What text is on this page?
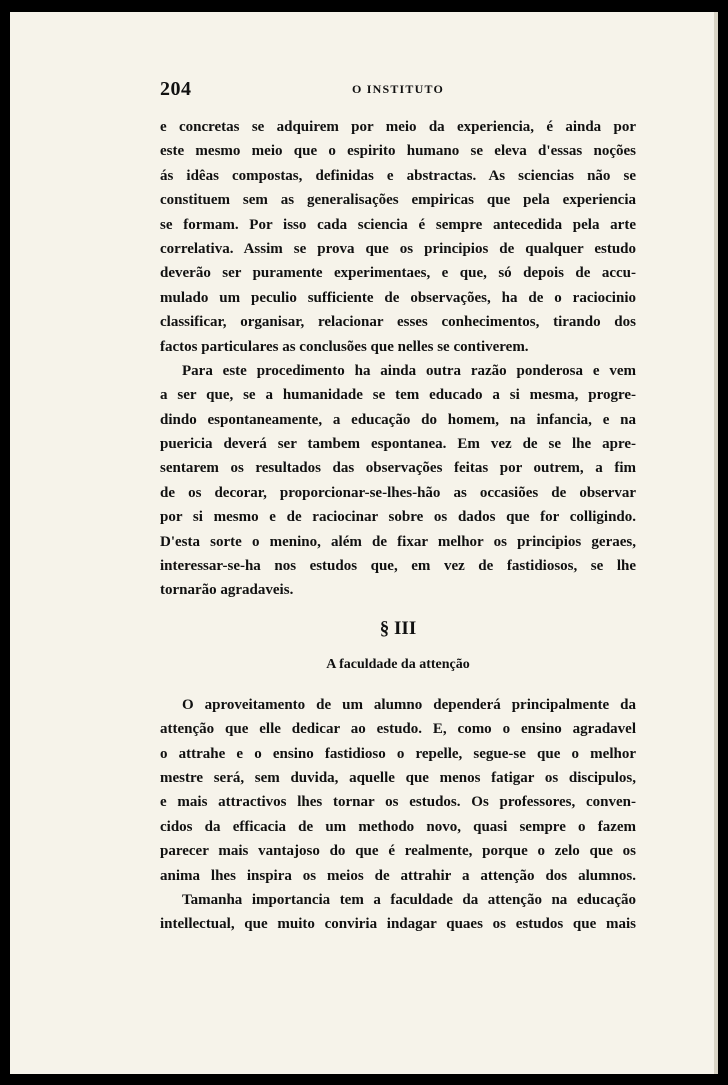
204	O INSTITUTO
e concretas se adquirem por meio da experiencia, é ainda por
este mesmo meio que o espirito humano se eleva d'essas noções
ás idêas compostas, definidas e abstractas. As sciencias não se
constituem sem as generalisações empiricas que pela experiencia
se formam. Por isso cada sciencia é sempre antecedida pela arte
correlativa. Assim se prova que os principios de qualquer estudo
deverão ser puramente experimentaes, e que, só depois de accu-
mulado um peculio sufficiente de observações, ha de o raciocinio
classificar, organisar, relacionar esses conhecimentos, tirando dos
factos particulares as conclusões que nelles se contiverem.
Para este procedimento ha ainda outra razão ponderosa e vem
a ser que, se a humanidade se tem educado a si mesma, progre-
dindo espontaneamente, a educação do homem, na infancia, e na
puericia deverá ser tambem espontanea. Em vez de se lhe apre-
sentarem os resultados das observações feitas por outrem, a fim
de os decorar, proporcionar-se-lhes-hão as occasiões de observar
por si mesmo e de raciocinar sobre os dados que for colligindo.
D'esta sorte o menino, além de fixar melhor os principios geraes,
interessar-se-ha nos estudos que, em vez de fastidiosos, se lhe
tornarão agradaveis.
§ III
A faculdade da attenção
O aproveitamento de um alumno dependerá principalmente da
attenção que elle dedicar ao estudo. E, como o ensino agradavel
o attrahe e o ensino fastidioso o repelle, segue-se que o melhor
mestre será, sem duvida, aquelle que menos fatigar os discipulos,
e mais attractivos lhes tornar os estudos. Os professores, conven-
cidos da efficacia de um methodo novo, quasi sempre o fazem
parecer mais vantajoso do que é realmente, porque o zelo que os
anima lhes inspira os meios de attrahir a attenção dos alumnos.
Tamanha importancia tem a faculdade da attenção na educação
intellectual, que muito conviria indagar quaes os estudos que mais
